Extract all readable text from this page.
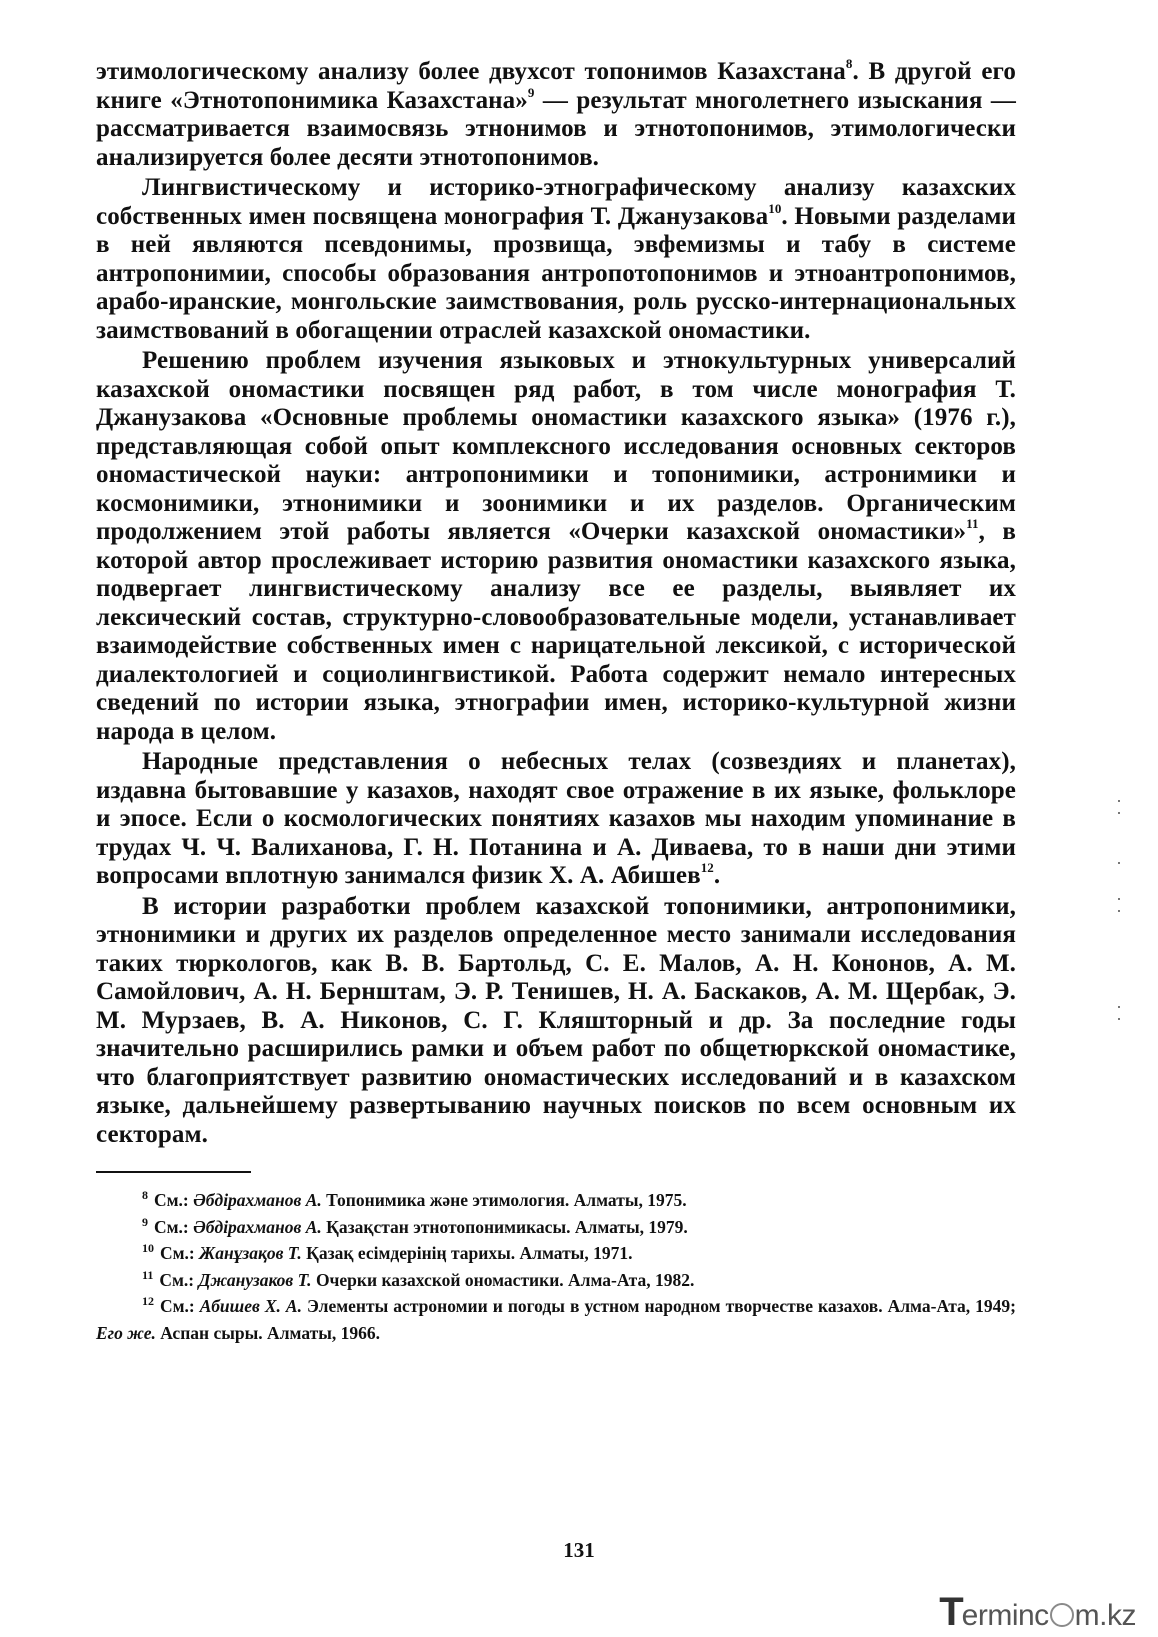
этимологическому анализу более двухсот топонимов Казахстана$^8$. В другой его книге «Этнотопонимика Казахстана»$^9$ — результат многолетнего изыскания — рассматривается взаимосвязь этнонимов и этнотопонимов, этимологически анализируется более десяти этнотопонимов.

Лингвистическому и историко-этнографическому анализу казахских собственных имен посвящена монография Т. Джанузакова$^{10}$. Новыми разделами в ней являются псевдонимы, прозвища, эвфемизмы и табу в системе антропонимии, способы образования антропотопонимов и этноантропонимов, арабо-иранские, монгольские заимствования, роль русско-интернациональных заимствований в обогащении отраслей казахской ономастики.

Решению проблем изучения языковых и этнокультурных универсалий казахской ономастики посвящен ряд работ, в том числе монография Т. Джанузакова «Основные проблемы ономастики казахского языка» (1976 г.), представляющая собой опыт комплексного исследования основных секторов ономастической науки: антропонимики и топонимики, астронимики и космонимики, этнонимики и зоонимики и их разделов. Органическим продолжением этой работы является «Очерки казахской ономастики»$^{11}$, в которой автор прослеживает историю развития ономастики казахского языка, подвергает лингвистическому анализу все ее разделы, выявляет их лексический состав, структурно-словообразовательные модели, устанавливает взаимодействие собственных имен с нарицательной лексикой, с исторической диалектологией и социолингвистикой. Работа содержит немало интересных сведений по истории языка, этнографии имен, историко-культурной жизни народа в целом.

Народные представления о небесных телах (созвездиях и планетах), издавна бытовавшие у казахов, находят свое отражение в их языке, фольклоре и эпосе. Если о космологических понятиях казахов мы находим упоминание в трудах Ч. Ч. Валиханова, Г. Н. Потанина и А. Диваева, то в наши дни этими вопросами вплотную занимался физик Х. А. Абишев$^{12}$.

В истории разработки проблем казахской топонимики, антропонимики, этнонимики и других их разделов определенное место занимали исследования таких тюркологов, как В. В. Бартольд, С. Е. Малов, А. Н. Кононов, А. М. Самойлович, А. Н. Бернштам, Э. Р. Тенишев, Н. А. Баскаков, А. М. Щербак, Э. М. Мурзаев, В. А. Никонов, С. Г. Кляшторный и др. За последние годы значительно расширились рамки и объем работ по общетюркской ономастике, что благоприятствует развитию ономастических исследований и в казахском языке, дальнейшему развертыванию научных поисков по всем основным их секторам.

$^8$ См.: Әбдірахманов А. Топонимика және этимология. Алматы, 1975.

$^9$ См.: Әбдірахманов А. Қазақстан этнотопонимикасы. Алматы, 1979.

$^{10}$ См.: Жанұзақов Т. Қазақ есімдерінің тарихы. Алматы, 1971.

$^{11}$ См.: Джанузаков Т. Очерки казахской ономастики. Алма-Ата, 1982.

$^{12}$ См.: Абишев Х. А. Элементы астрономии и погоды в устном народном творчестве казахов. Алма-Ата, 1949; Его же. Аспан сыры. Алматы, 1966.

131
Terminc m.kz
